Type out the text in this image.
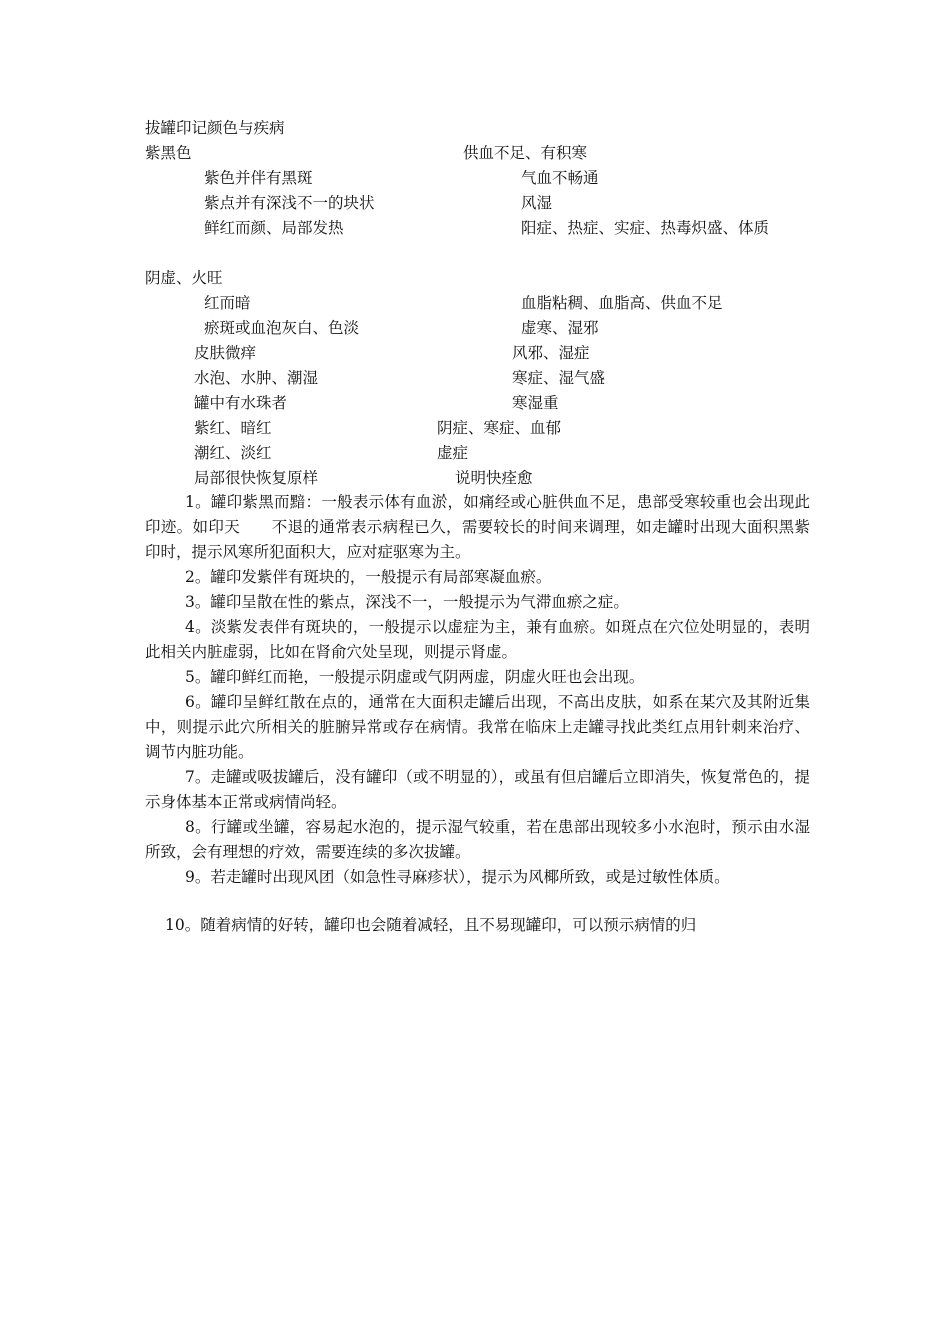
拔罐印记颜色与疾病
紫黑色	供血不足、有积寒
紫色并伴有黑斑	气血不畅通
紫点并有深浅不一的块状	风湿
鲜红而颜、局部发热	阳症、热症、实症、热毒炽盛、体质
阴虚、火旺
红而暗	血脂粘稠、血脂高、供血不足
瘀斑或血泡灰白、色淡	虚寒、湿邪
皮肤微痒	风邪、湿症
水泡、水肿、潮湿	寒症、湿气盛
罐中有水珠者	寒湿重
紫红、暗红	阴症、寒症、血郁
潮红、淡红	虚症
局部很快恢复原样	说明快痊愈
1。罐印紫黑而黯：一般表示体有血淤，如痛经或心脏供血不足，患部受寒较重也会出现此印迹。如印天　　不退的通常表示病程已久，需要较长的时间来调理，如走罐时出现大面积黑紫印时，提示风寒所犯面积大，应对症驱寒为主。
2。罐印发紫伴有斑块的，一般提示有局部寒凝血瘀。
3。罐印呈散在性的紫点，深浅不一，一般提示为气滞血瘀之症。
4。淡紫发表伴有斑块的，一般提示以虚症为主，兼有血瘀。如斑点在穴位处明显的，表明此相关内脏虚弱，比如在肾俞穴处呈现，则提示肾虚。
5。罐印鲜红而艳，一般提示阴虚或气阴两虚，阴虚火旺也会出现。
6。罐印呈鲜红散在点的，通常在大面积走罐后出现，不高出皮肤，如系在某穴及其附近集中，则提示此穴所相关的脏腑异常或存在病情。我常在临床上走罐寻找此类红点用针刺来治疗、调节内脏功能。
7。走罐或吸拔罐后，没有罐印（或不明显的），或虽有但启罐后立即消失，恢复常色的，提示身体基本正常或病情尚轻。
8。行罐或坐罐，容易起水泡的，提示湿气较重，若在患部出现较多小水泡时，预示由水湿所致，会有理想的疗效，需要连续的多次拔罐。
9。若走罐时出现风团（如急性寻麻疹状），提示为风椰所致，或是过敏性体质。
10。随着病情的好转，罐印也会随着减轻，且不易现罐印，可以预示病情的归
